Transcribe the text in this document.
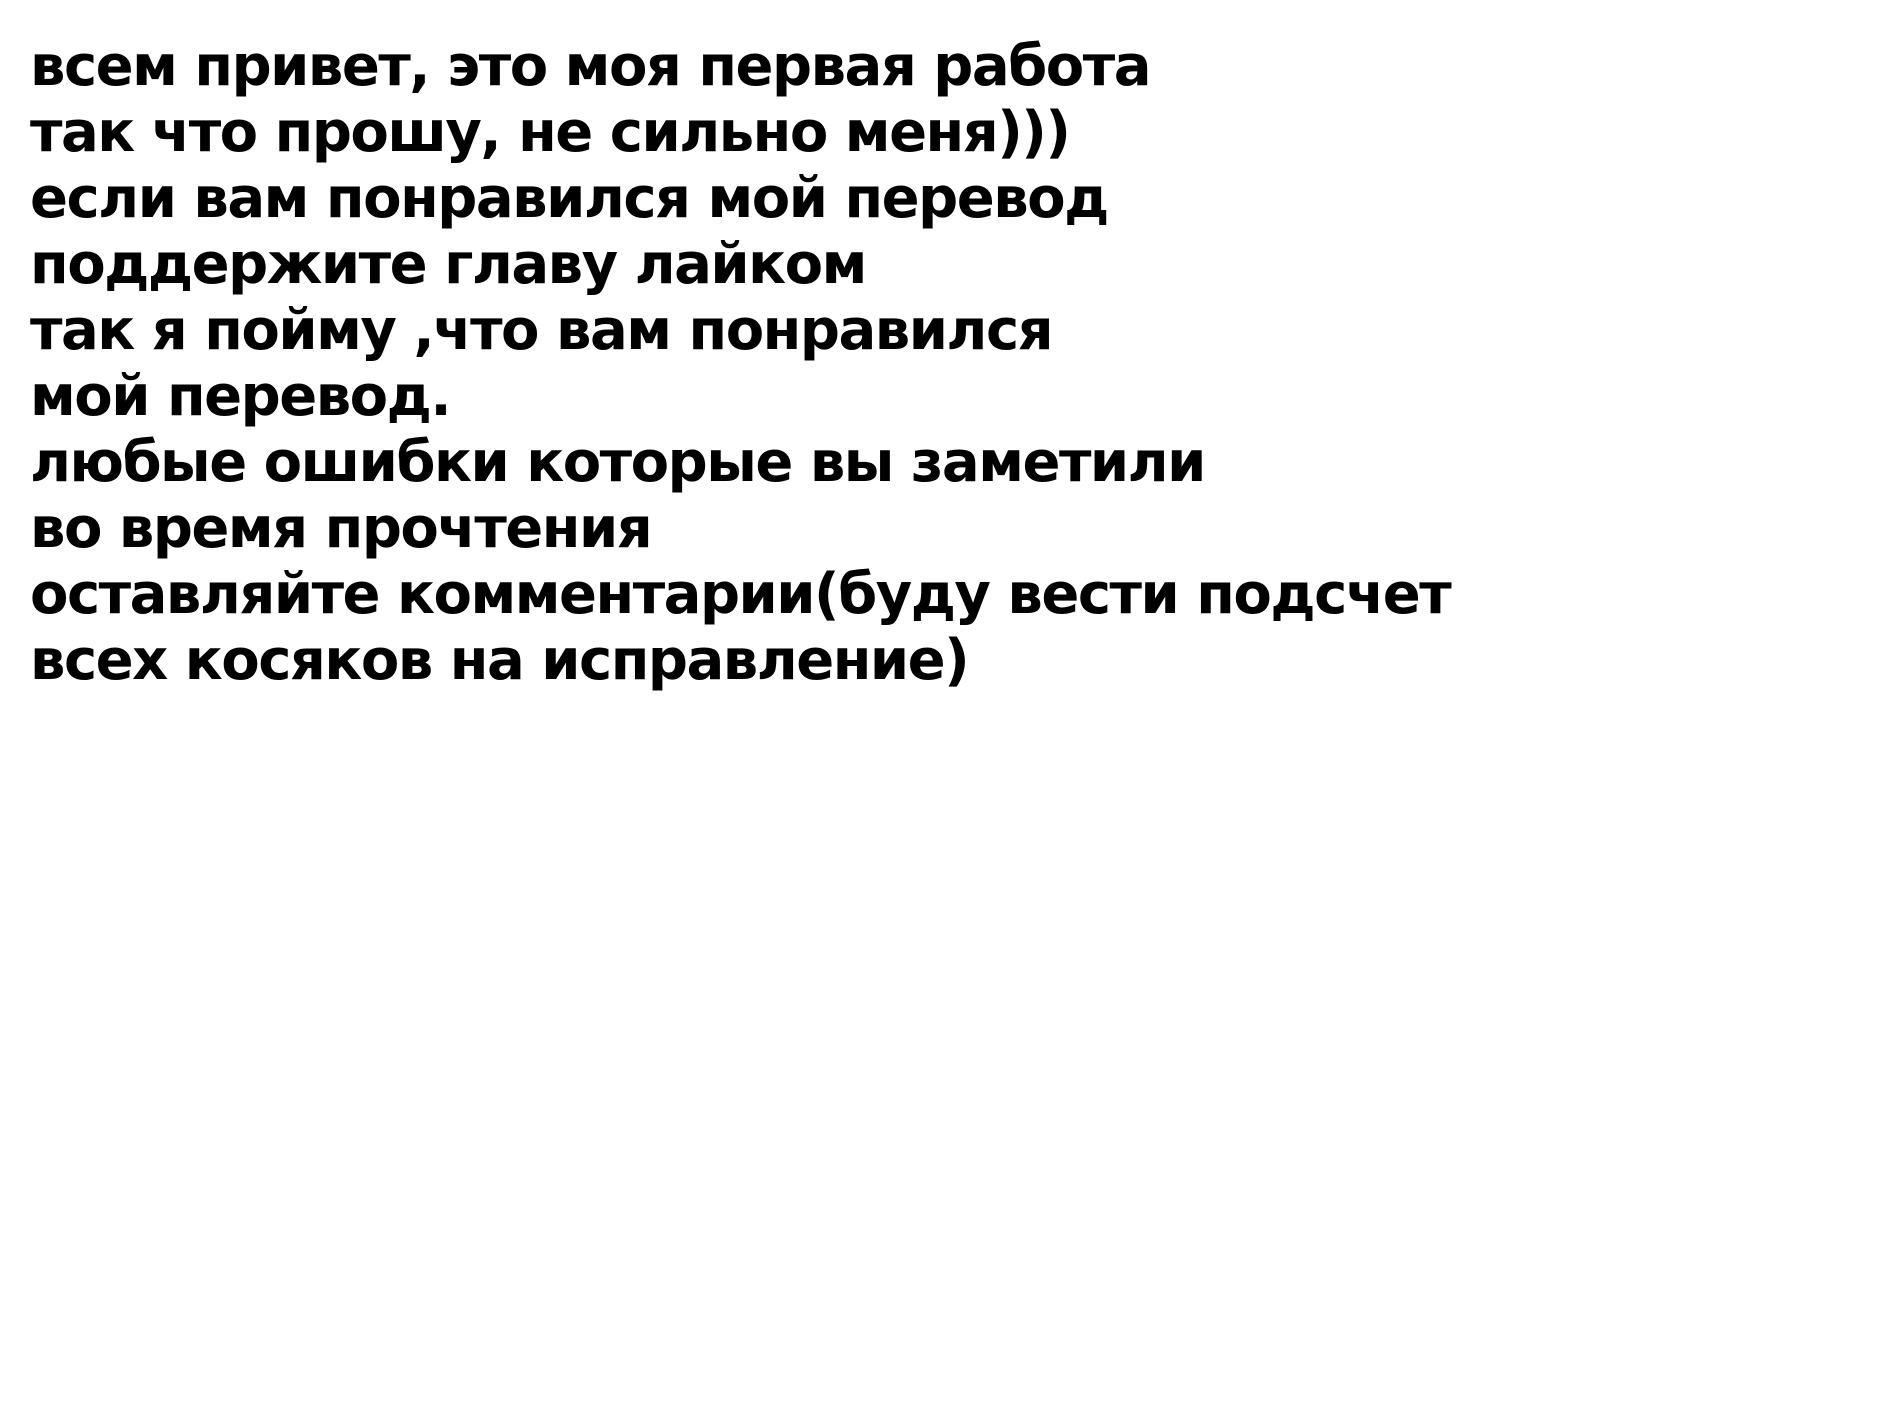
всем привет, это моя первая работа
так что прошу, не сильно меня)))
если вам понравился мой перевод
поддержите главу лайком
так я пойму ,что вам понравился
мой перевод.
любые ошибки которые вы заметили
во время прочтения
оставляйте комментарии(буду вести подсчет
всех косяков на исправление)
